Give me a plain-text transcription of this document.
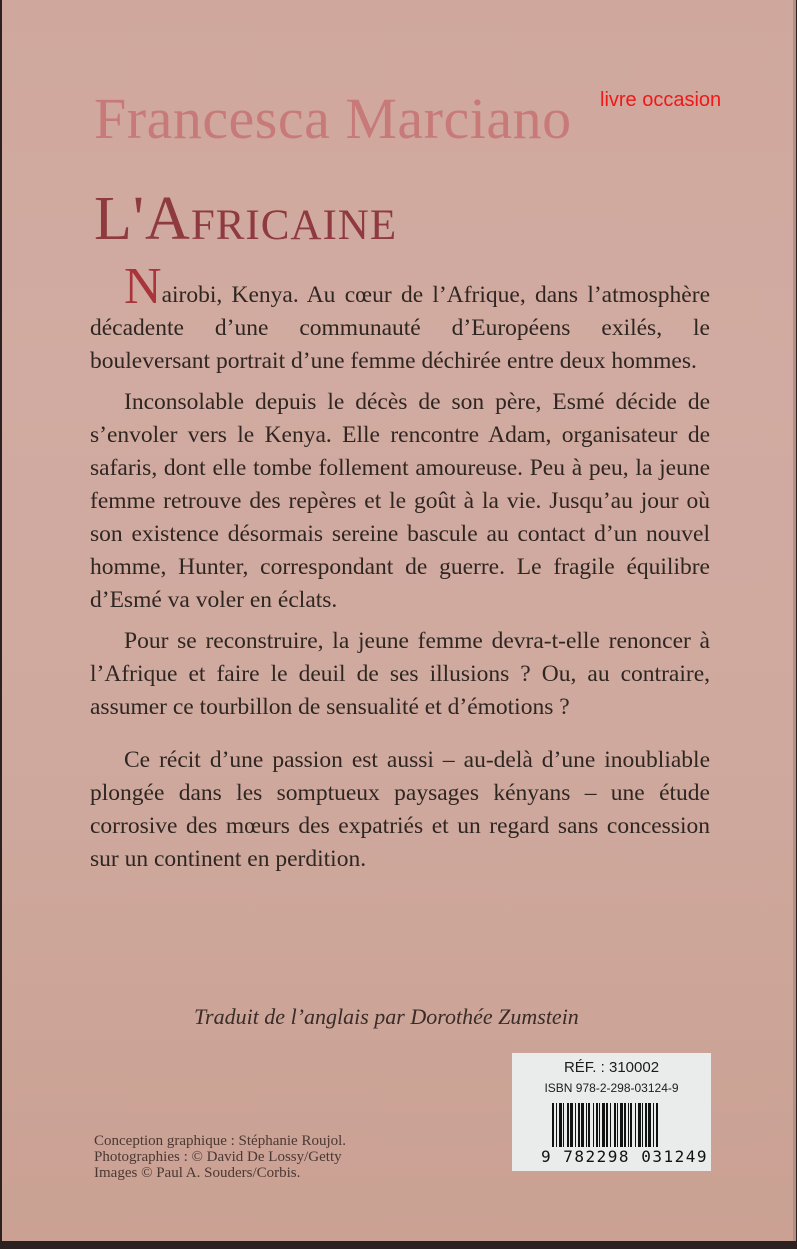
livre occasion
Francesca Marciano
L'Africaine

Nairobi, Kenya. Au cœur de l’Afrique, dans l’atmosphère décadente d’une communauté d’Européens exilés, le bouleversant portrait d’une femme déchirée entre deux hommes.

Inconsolable depuis le décès de son père, Esmé décide de s’envoler vers le Kenya. Elle rencontre Adam, organisateur de safaris, dont elle tombe follement amoureuse. Peu à peu, la jeune femme retrouve des repères et le goût à la vie. Jusqu’au jour où son existence désormais sereine bascule au contact d’un nouvel homme, Hunter, correspondant de guerre. Le fragile équilibre d’Esmé va voler en éclats.

Pour se reconstruire, la jeune femme devra-t-elle renoncer à l’Afrique et faire le deuil de ses illusions ? Ou, au contraire, assumer ce tourbillon de sensualité et d’émotions ?

Ce récit d’une passion est aussi – au-delà d’une inoubliable plongée dans les somptueux paysages kényans – une étude corrosive des mœurs des expatriés et un regard sans concession sur un continent en perdition.

Traduit de l’anglais par Dorothée Zumstein
Conception graphique : Stéphanie Roujol.
Photographies : © David De Lossy/Getty
Images © Paul A. Souders/Corbis.
RÉF. : 310002
ISBN 978-2-298-03124-9
9 782298 031249
